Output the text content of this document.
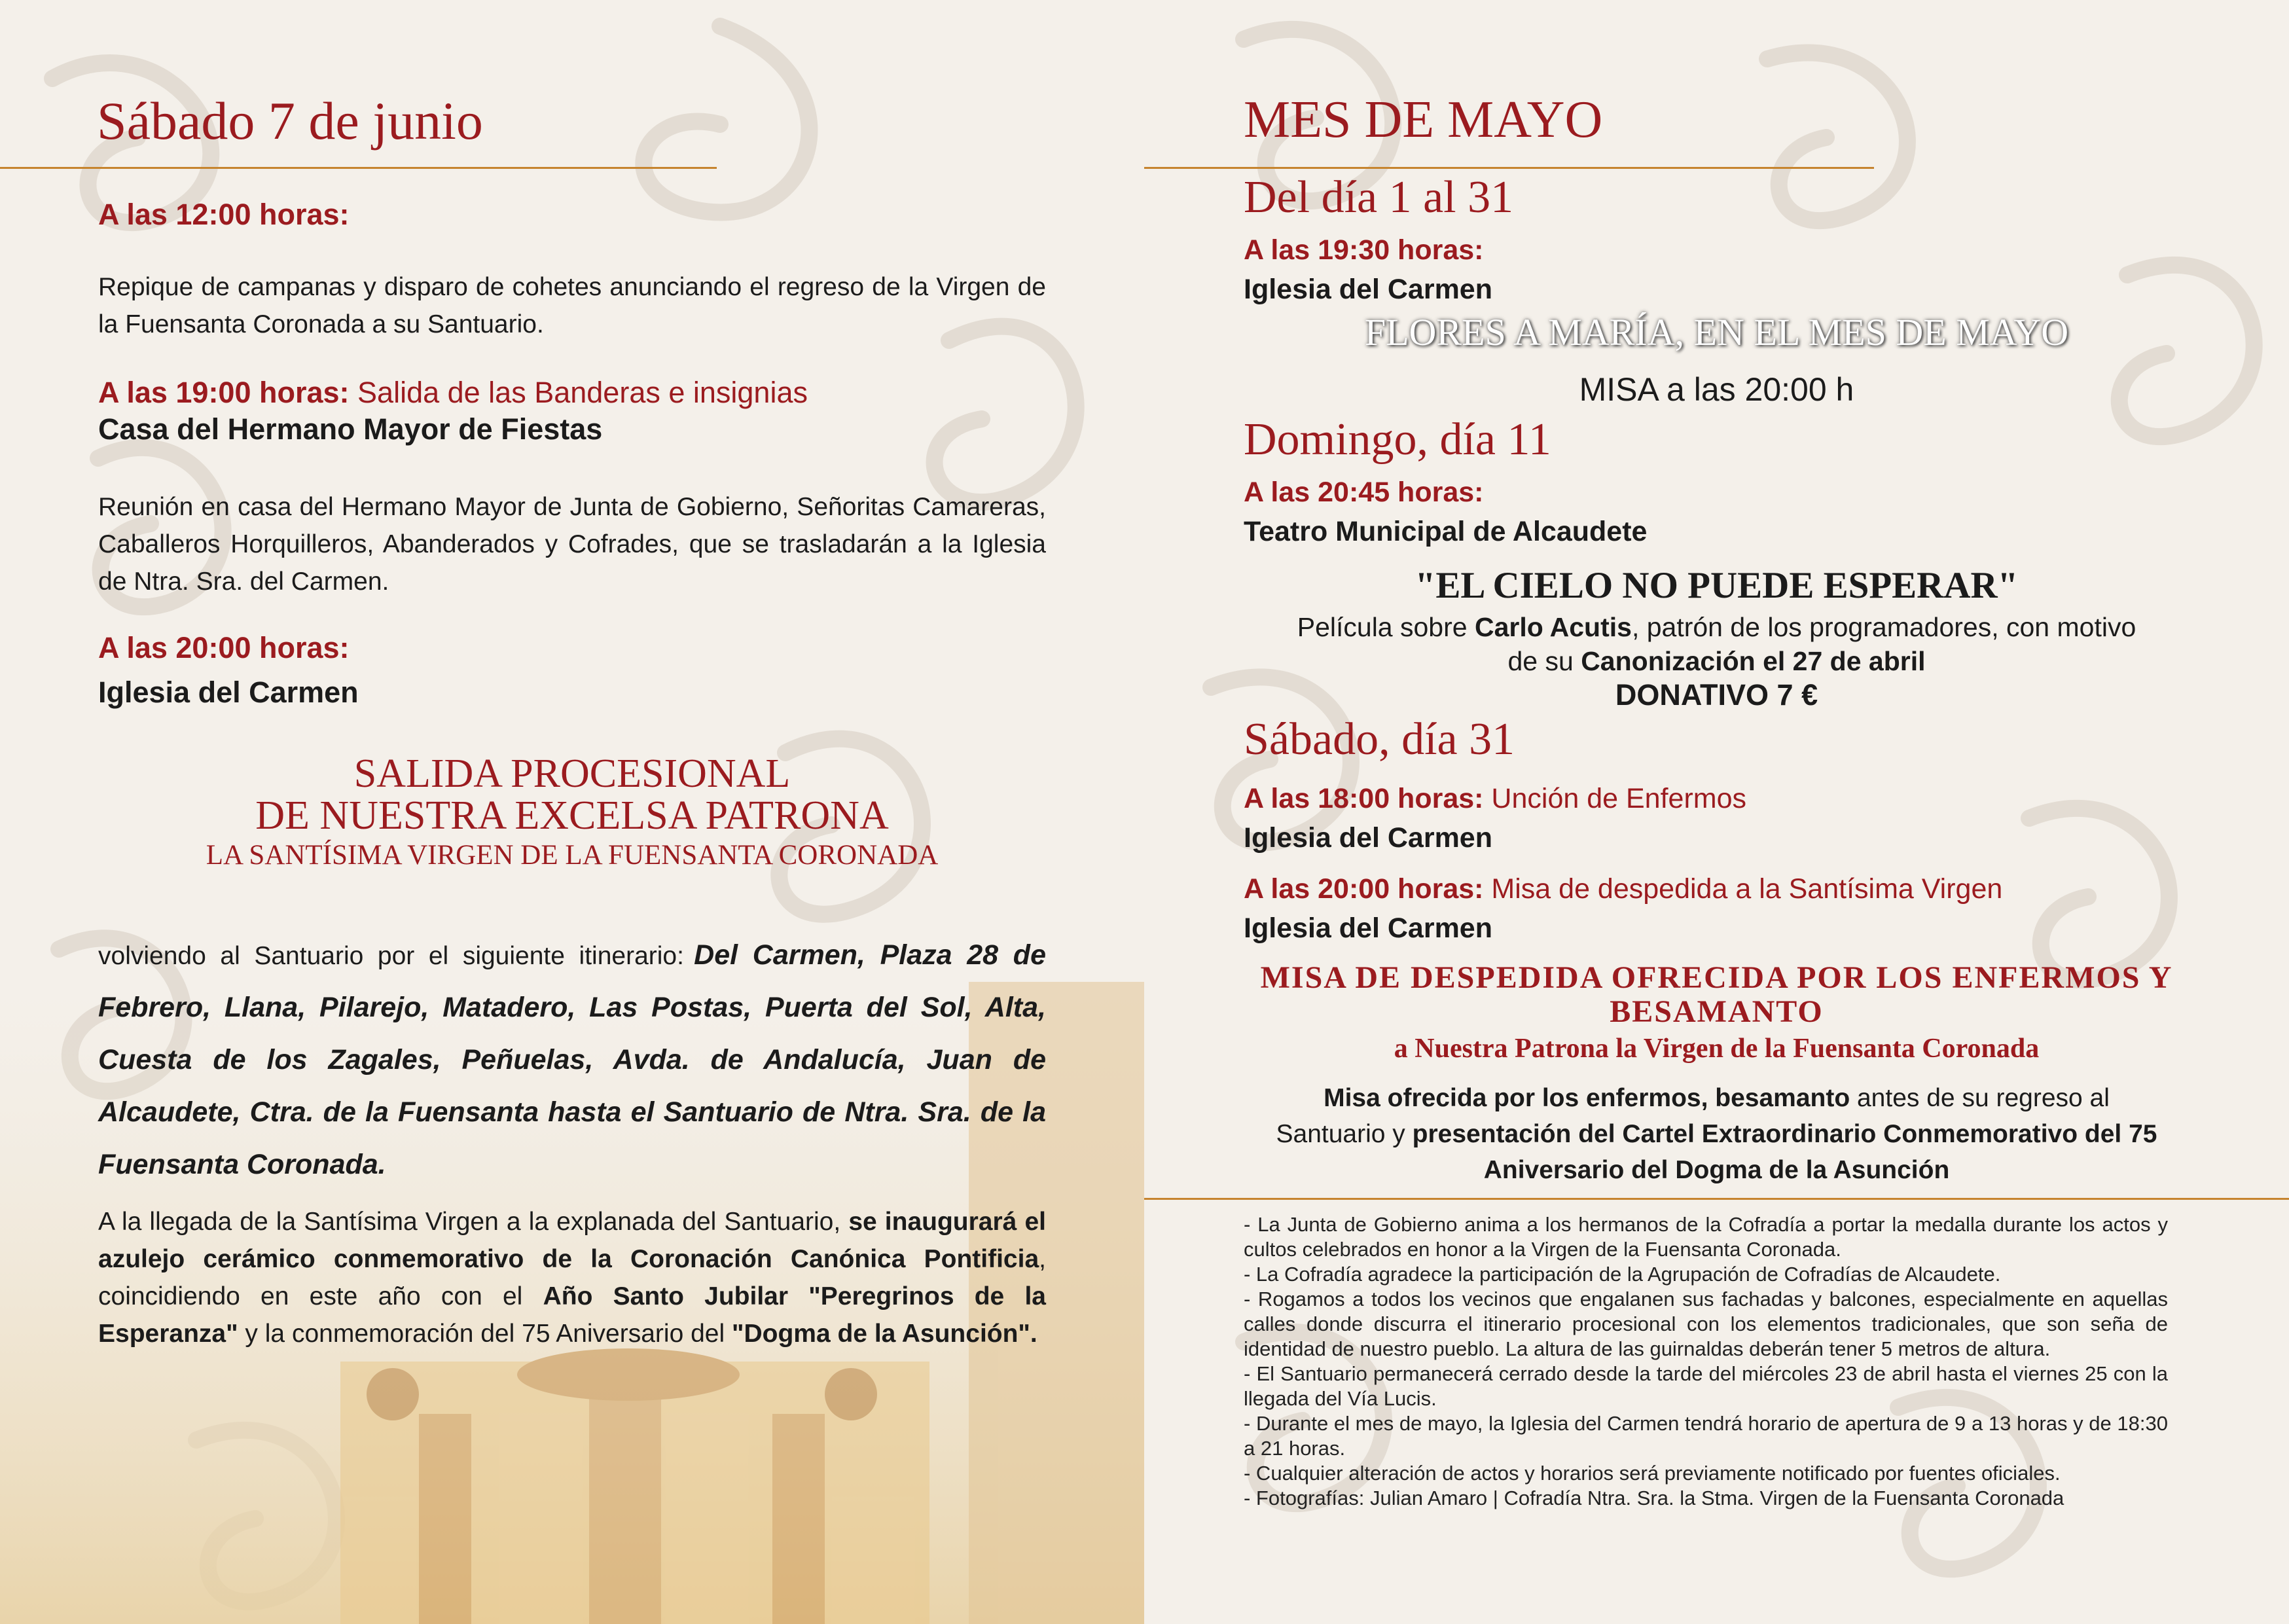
Sábado 7 de junio
A las 12:00 horas:
Repique de campanas y disparo de cohetes anunciando el regreso de la Virgen de la Fuensanta Coronada a su Santuario.
A las 19:00 horas: Salida de las Banderas e insignias
Casa del Hermano Mayor de Fiestas
Reunión en casa del Hermano Mayor de Junta de Gobierno, Señoritas Camareras, Caballeros Horquilleros, Abanderados y Cofrades, que se trasladarán a la Iglesia de Ntra. Sra. del Carmen.
A las 20:00 horas:
Iglesia del Carmen
SALIDA PROCESIONAL
DE NUESTRA EXCELSA PATRONA
LA SANTÍSIMA VIRGEN DE LA FUENSANTA CORONADA
volviendo al Santuario por el siguiente itinerario: Del Carmen, Plaza 28 de Febrero, Llana, Pilarejo, Matadero, Las Postas, Puerta del Sol, Alta, Cuesta de los Zagales, Peñuelas, Avda. de Andalucía, Juan de Alcaudete, Ctra. de la Fuensanta hasta el Santuario de Ntra. Sra. de la Fuensanta Coronada.
A la llegada de la Santísima Virgen a la explanada del Santuario, se inaugurará el azulejo cerámico conmemorativo de la Coronación Canónica Pontificia, coincidiendo en este año con el Año Santo Jubilar "Peregrinos de la Esperanza" y la conmemoración del 75 Aniversario del "Dogma de la Asunción".
MES DE MAYO
Del día 1 al 31
A las 19:30 horas:
Iglesia del Carmen
FLORES A MARÍA, EN EL MES DE MAYO
MISA a las 20:00 h
Domingo, día 11
A las 20:45 horas:
Teatro Municipal de Alcaudete
"EL CIELO NO PUEDE ESPERAR"
Película sobre Carlo Acutis, patrón de los programadores, con motivo
de su Canonización el 27 de abril
DONATIVO 7 €
Sábado, día 31
A las 18:00 horas: Unción de Enfermos
Iglesia del Carmen
A las 20:00 horas: Misa de despedida a la Santísima Virgen
Iglesia del Carmen
MISA DE DESPEDIDA OFRECIDA POR LOS ENFERMOS Y
BESAMANTO
a Nuestra Patrona la Virgen de la Fuensanta Coronada
Misa ofrecida por los enfermos, besamanto antes de su regreso al
Santuario y presentación del Cartel Extraordinario Conmemorativo del 75
Aniversario del Dogma de la Asunción
- La Junta de Gobierno anima a los hermanos de la Cofradía a portar la medalla durante los actos y cultos celebrados en honor a la Virgen de la Fuensanta Coronada.
- La Cofradía agradece la participación de la Agrupación de Cofradías de Alcaudete.
- Rogamos a todos los vecinos que engalanen sus fachadas y balcones, especialmente en aquellas calles donde discurra el itinerario procesional con los elementos tradicionales, que son seña de identidad de nuestro pueblo. La altura de las guirnaldas deberán tener 5 metros de altura.
- El Santuario permanecerá cerrado desde la tarde del miércoles 23 de abril hasta el viernes 25 con la llegada del Vía Lucis.
- Durante el mes de mayo, la Iglesia del Carmen tendrá horario de apertura de 9 a 13 horas y de 18:30 a 21 horas.
- Cualquier alteración de actos y horarios será previamente notificado por fuentes oficiales.
- Fotografías: Julian Amaro | Cofradía Ntra. Sra. la Stma. Virgen de la Fuensanta Coronada
